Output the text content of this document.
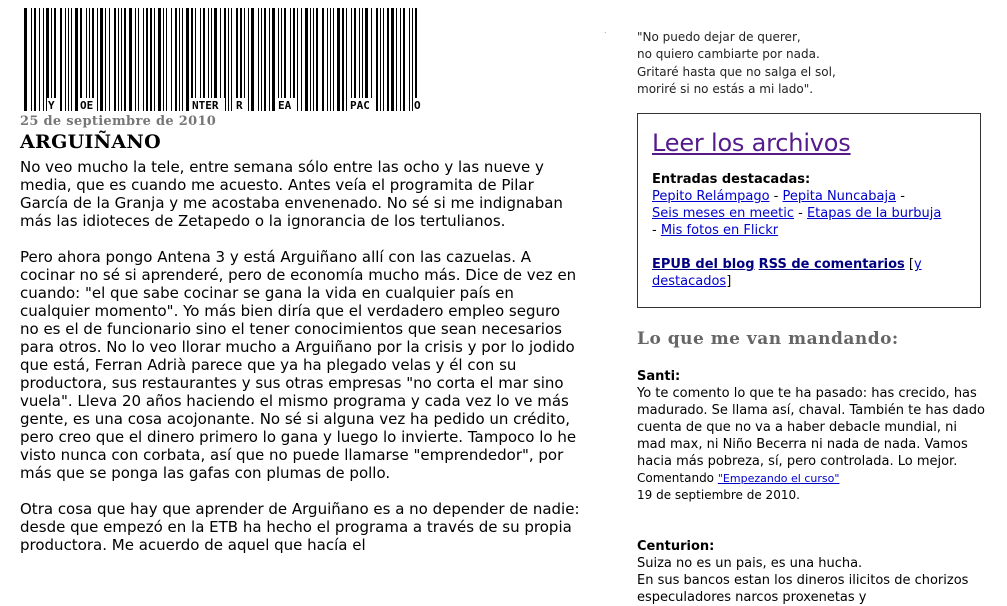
Y OE	NTER R	EA	PAC	O
25 de septiembre de 2010
ARGUIÑANO

No veo mucho la tele, entre semana sólo entre las ocho y las nueve y media, que es cuando me acuesto. Antes veía el programita de Pilar García de la Granja y me acostaba envenenado. No sé si me indignaban más las idioteces de Zetapedo o la ignorancia de los tertulianos.

Pero ahora pongo Antena 3 y está Arguiñano allí con las cazuelas. A cocinar no sé si aprenderé, pero de economía mucho más. Dice de vez en cuando: "el que sabe cocinar se gana la vida en cualquier país en cualquier momento". Yo más bien diría que el verdadero empleo seguro no es el de funcionario sino el tener conocimientos que sean necesarios para otros. No lo veo llorar mucho a Arguiñano por la crisis y por lo jodido que está, Ferran Adrià parece que ya ha plegado velas y él con su productora, sus restaurantes y sus otras empresas "no corta el mar sino vuela". Lleva 20 años haciendo el mismo programa y cada vez lo ve más gente, es una cosa acojonante. No sé si alguna vez ha pedido un crédito, pero creo que el dinero primero lo gana y luego lo invierte. Tampoco lo he visto nunca con corbata, así que no puede llamarse "emprendedor", por más que se ponga las gafas con plumas de pollo.

Otra cosa que hay que aprender de Arguiñano es a no depender de nadie: desde que empezó en la ETB ha hecho el programa a través de su propia productora. Me acuerdo de aquel que hacía el

.	"No puedo dejar de querer,
no quiero cambiarte por nada.
Gritaré hasta que no salga el sol,
moriré si no estás a mi lado".
Leer los archivos
Entradas destacadas:
Pepito Relámpago - Pepita Nuncabaja -
Seis meses en meetic - Etapas de la burbuja
- Mis fotos en Flickr
EPUB del blog RSS de comentarios [y destacados]
Lo que me van mandando:
Santi:
Yo te comento lo que te ha pasado: has crecido, has madurado. Se llama así, chaval. También te has dado cuenta de que no va a haber debacle mundial, ni mad max, ni Niño Becerra ni nada de nada. Vamos hacia más pobreza, sí, pero controlada. Lo mejor.
Comentando "Empezando el curso"
19 de septiembre de 2010.
Centurion:
Suiza no es un pais, es una hucha.
En sus bancos estan los dineros ilicitos de chorizos especuladores narcos proxenetas y
